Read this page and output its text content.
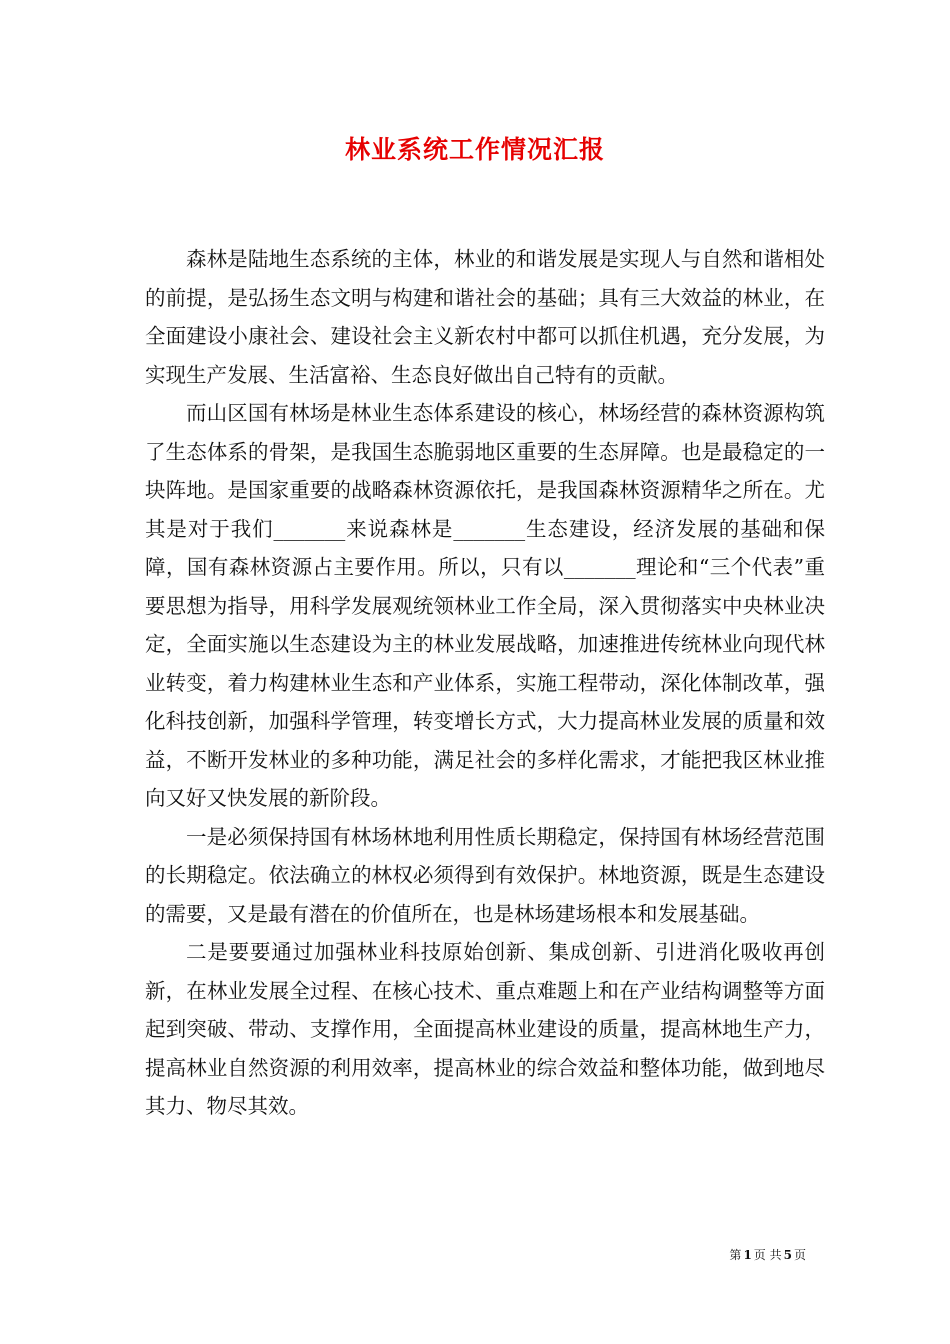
林业系统工作情况汇报

森林是陆地生态系统的主体，林业的和谐发展是实现人与自然和谐相处的前提，是弘扬生态文明与构建和谐社会的基础；具有三大效益的林业，在全面建设小康社会、建设社会主义新农村中都可以抓住机遇，充分发展，为实现生产发展、生活富裕、生态良好做出自己特有的贡献。

而山区国有林场是林业生态体系建设的核心，林场经营的森林资源构筑了生态体系的骨架，是我国生态脆弱地区重要的生态屏障。也是最稳定的一块阵地。是国家重要的战略森林资源依托，是我国森林资源精华之所在。尤其是对于我们_______来说森林是_______生态建设，经济发展的基础和保障，国有森林资源占主要作用。所以，只有以_______理论和“三个代表”重要思想为指导，用科学发展观统领林业工作全局，深入贯彻落实中央林业决定，全面实施以生态建设为主的林业发展战略，加速推进传统林业向现代林业转变，着力构建林业生态和产业体系，实施工程带动，深化体制改革，强化科技创新，加强科学管理，转变增长方式，大力提高林业发展的质量和效益，不断开发林业的多种功能，满足社会的多样化需求，才能把我区林业推向又好又快发展的新阶段。

一是必须保持国有林场林地利用性质长期稳定，保持国有林场经营范围的长期稳定。依法确立的林权必须得到有效保护。林地资源，既是生态建设的需要，又是最有潜在的价值所在，也是林场建场根本和发展基础。

二是要要通过加强林业科技原始创新、集成创新、引进消化吸收再创新，在林业发展全过程、在核心技术、重点难题上和在产业结构调整等方面起到突破、带动、支撑作用，全面提高林业建设的质量，提高林地生产力，提高林业自然资源的利用效率，提高林业的综合效益和整体功能，做到地尽其力、物尽其效。

第 1 页 共 5 页
